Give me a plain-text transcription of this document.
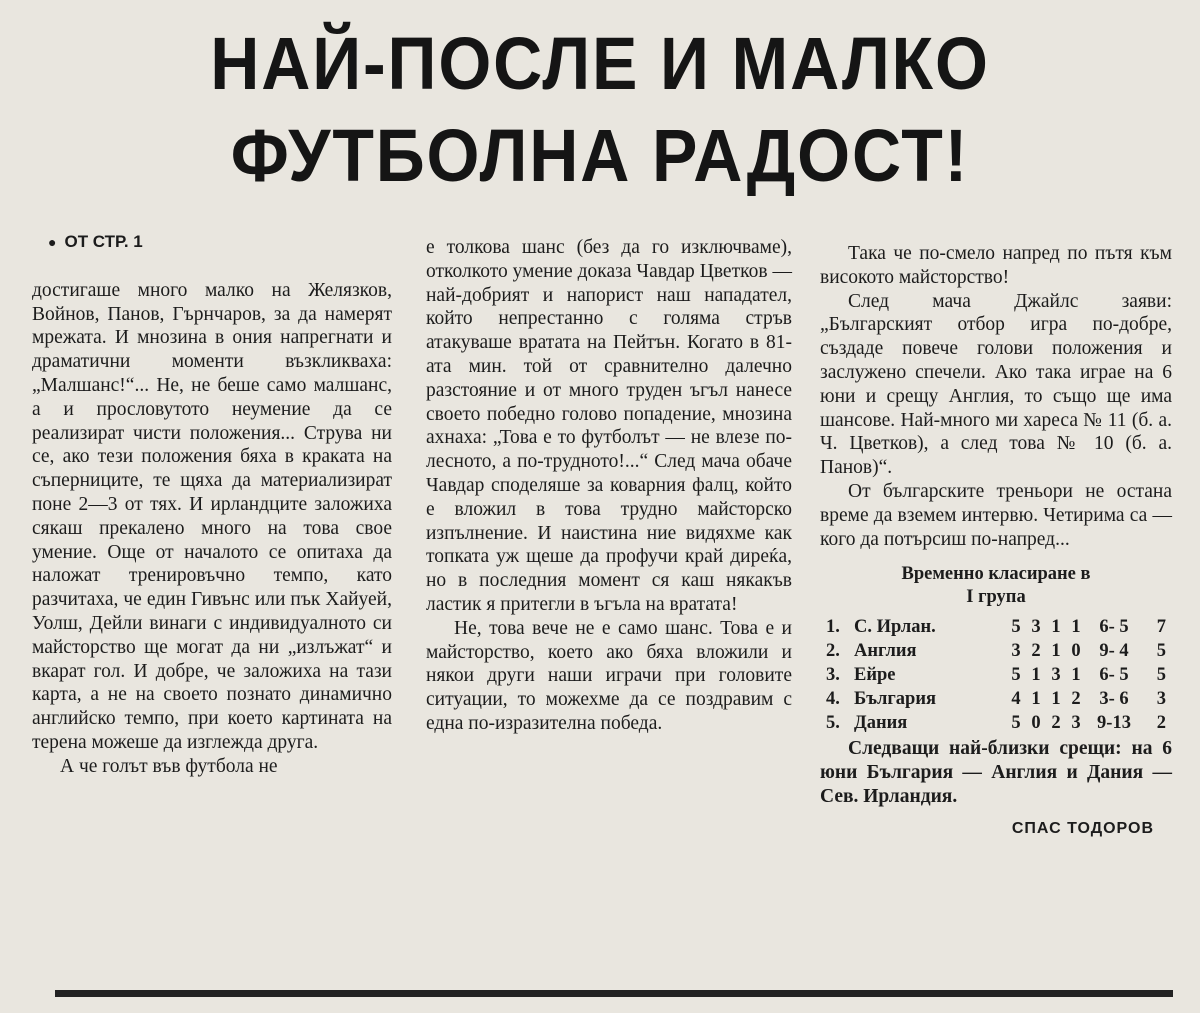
НАЙ-ПОСЛЕ И МАЛКО
ФУТБОЛНА РАДОСТ!
● ОТ СТР. 1

достигаше много малко на Желязков, Войнов, Панов, Гърнчаров, за да намерят мрежата. И мнозина в ония напрегнати и драматични моменти възкликваха: „Малшанс!“... Не, не беше само малшанс, а и прословутото неумение да се реализират чисти положения... Струва ни се, ако тези положения бяха в краката на съперниците, те щяха да материализират поне 2—3 от тях. И ирландците заложиха сякаш прекалено много на това свое умение. Още от началото се опитаха да наложат тренировъчно темпо, като разчитаха, че един Гивънс или пък Хайуей, Уолш, Дейли винаги с индивидуалното си майсторство ще могат да ни „излъжат“ и вкарат гол. И добре, че заложиха на тази карта, а не на своето познато динамично английско темпо, при което картината на терена можеше да изглежда друга.

А че голът във футбола не

е толкова шанс (без да го изключваме), отколкото умение доказа Чавдар Цветков — най-добрият и напорист наш нападател, който непрестанно с голяма стръв атакуваше вратата на Пейтън. Когато в 81-ата мин. той от сравнително далечно разстояние и от много труден ъгъл нанесе своето победно голово попадение, мнозина ахнаха: „Това е то футболът — не влезе по-лесното, а по-трудното!...“ След мача обаче Чавдар споделяше за коварния фалц, който е вложил в това трудно майсторско изпълнение. И наистина ние видяхме как топката уж щеше да профучи край диреќа, но в последния момент ся каш някакъв ластик я притегли в ъгъла на вратата!

Не, това вече не е само шанс. Това е и майсторство, което ако бяха вложили и някои други наши играчи при головите ситуации, то можехме да се поздравим с една по-изразителна победа.

Така че по-смело напред по пътя към високото майсторство!

След мача Джайлс заяви: „Българският отбор игра по-добре, създаде повече голови положения и заслужено спечели. Ако така играе на 6 юни и срещу Англия, то също ще има шансове. Най-много ми хареса № 11 (б. а. Ч. Цветков), а след това № 10 (б. а. Панов)“.

От българските треньори не остана време да вземем интервю. Четирима са — кого да потърсиш по-напред...

Временно класиране в
I група
1.	С. Ирлан.	5	3	1	1	6- 5	7
2.	Англия	3	2	1	0	9- 4	5
3.	Ейре	5	1	3	1	6- 5	5
4.	България	4	1	1	2	3- 6	3
5.	Дания	5	0	2	3	9-13	2

Следващи най-близки срещи: на 6 юни България — Англия и Дания — Сев. Ирландия.

СПАС ТОДОРОВ
